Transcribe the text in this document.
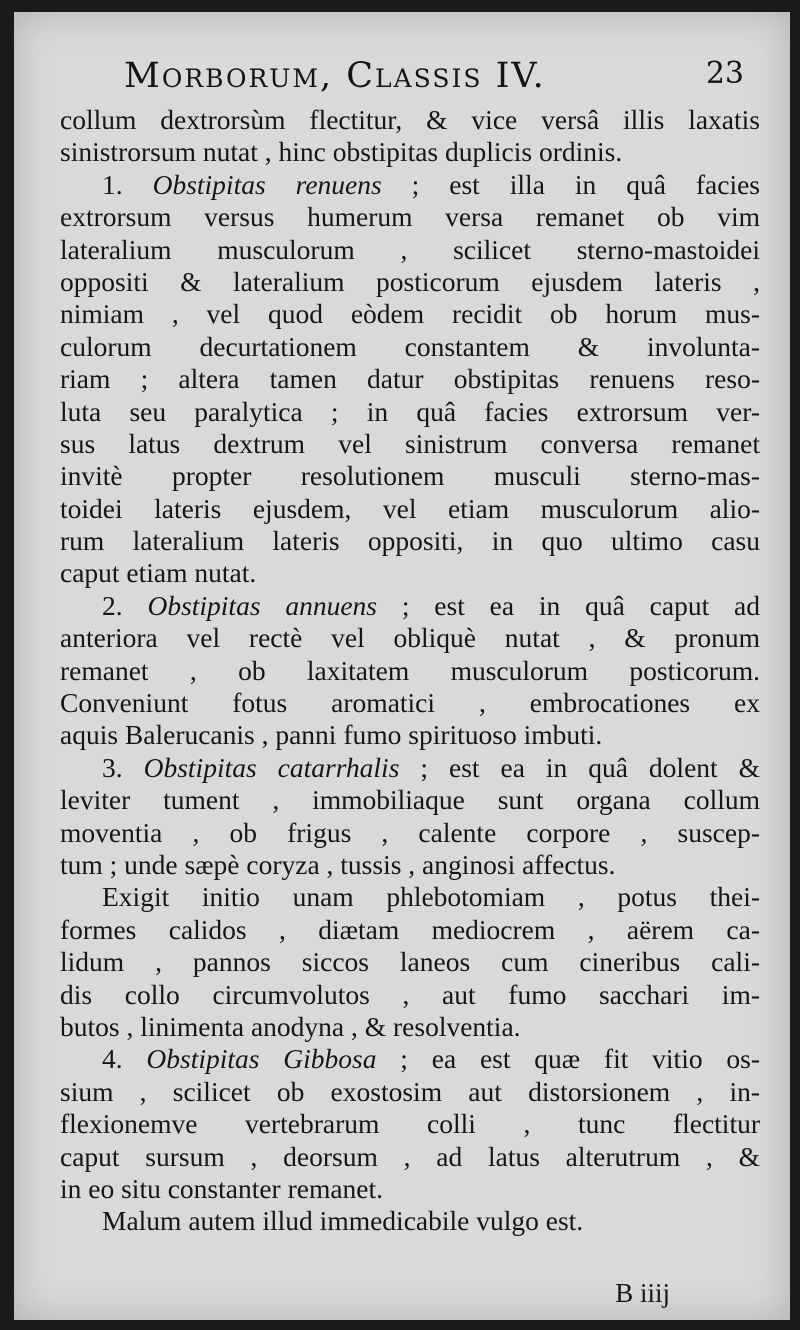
Morborum, Classis IV.	23
collum dextrorsùm flectitur, & vice versâ illis laxatis
sinistrorsum nutat , hinc obstipitas duplicis ordinis.
1. Obstipitas renuens ; est illa in quâ facies
extrorsum versus humerum versa remanet ob vim
lateralium musculorum , scilicet sterno-mastoidei
oppositi & lateralium posticorum ejusdem lateris ,
nimiam , vel quod eòdem recidit ob horum mus-
culorum decurtationem constantem & involunta-
riam ; altera tamen datur obstipitas renuens reso-
luta seu paralytica ; in quâ facies extrorsum ver-
sus latus dextrum vel sinistrum conversa remanet
invitè propter resolutionem musculi sterno-mas-
toidei lateris ejusdem, vel etiam musculorum alio-
rum lateralium lateris oppositi, in quo ultimo casu
caput etiam nutat.
2. Obstipitas annuens ; est ea in quâ caput ad
anteriora vel rectè vel obliquè nutat , & pronum
remanet , ob laxitatem musculorum posticorum.
Conveniunt fotus aromatici , embrocationes ex
aquis Balerucanis , panni fumo spirituoso imbuti.
3. Obstipitas catarrhalis ; est ea in quâ dolent &
leviter tument , immobiliaque sunt organa collum
moventia , ob frigus , calente corpore , suscep-
tum ; unde sæpè coryza , tussis , anginosi affectus.
Exigit initio unam phlebotomiam , potus thei-
formes calidos , diætam mediocrem , aërem ca-
lidum , pannos siccos laneos cum cineribus cali-
dis collo circumvolutos , aut fumo sacchari im-
butos , linimenta anodyna , & resolventia.
4. Obstipitas Gibbosa ; ea est quæ fit vitio os-
sium , scilicet ob exostosim aut distorsionem , in-
flexionemve vertebrarum colli , tunc flectitur
caput sursum , deorsum , ad latus alterutrum , &
in eo situ constanter remanet.
Malum autem illud immedicabile vulgo est.
B iiij
